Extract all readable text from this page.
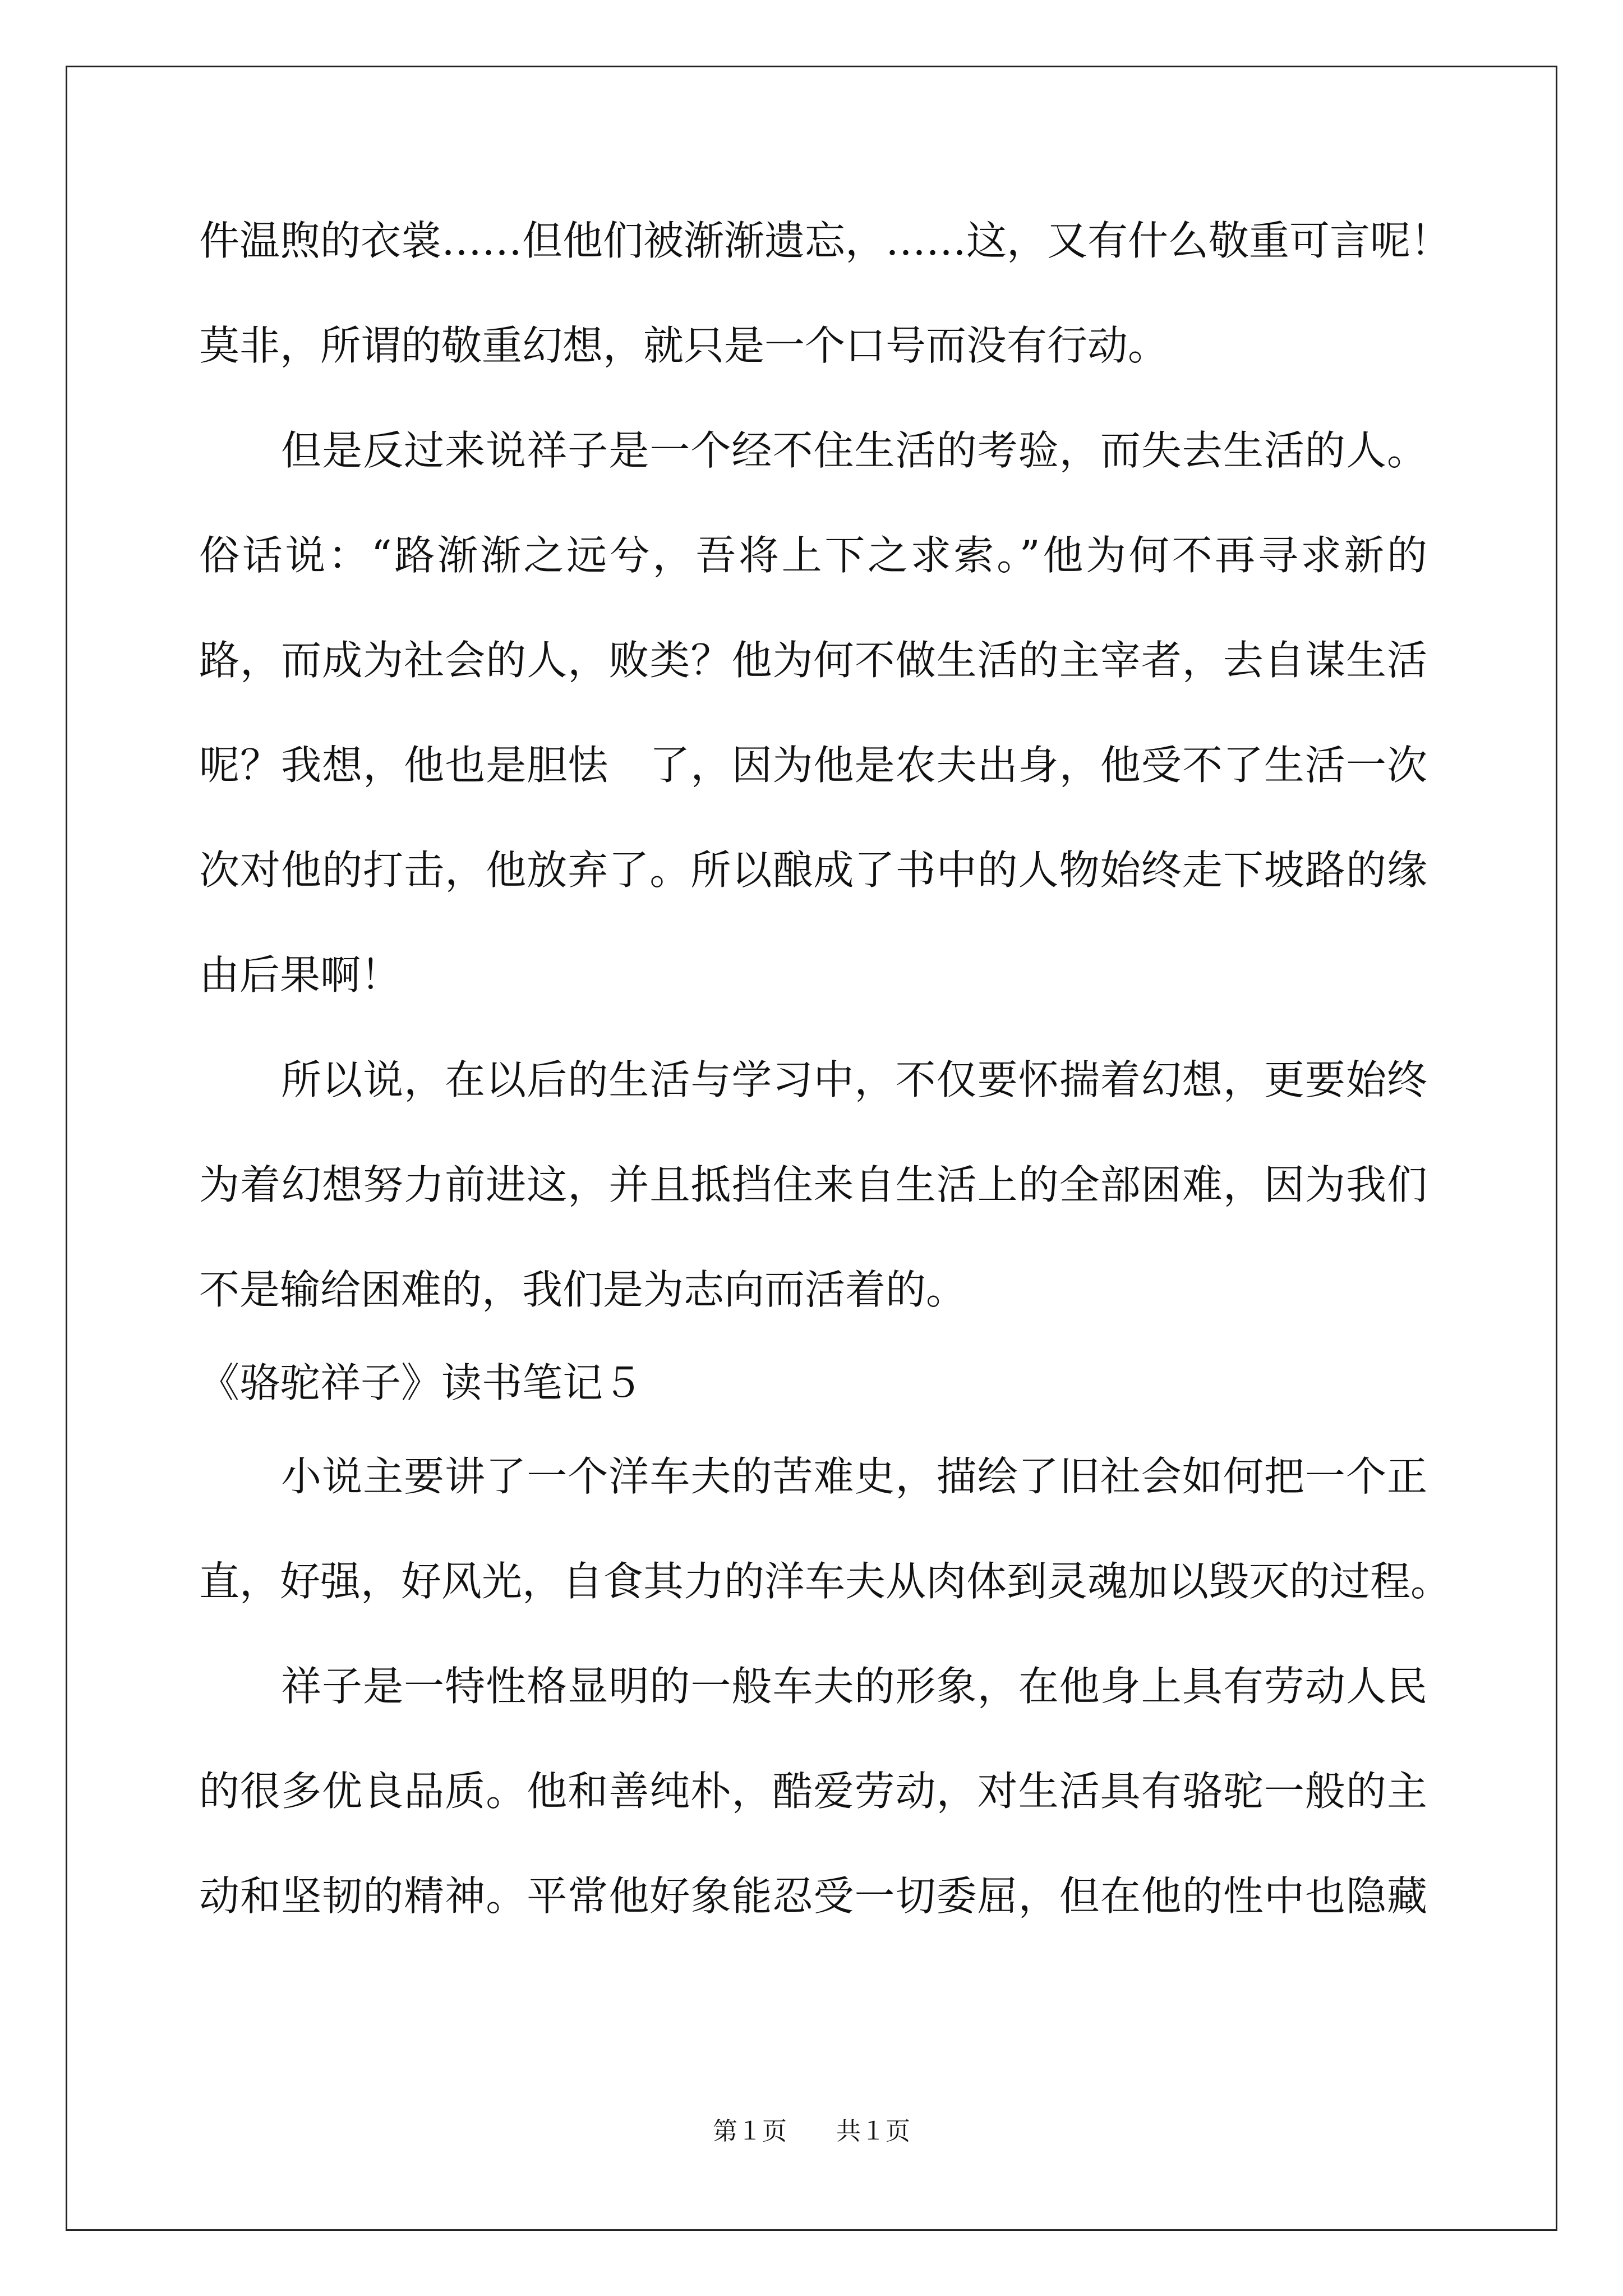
件温煦的衣裳……但他们被渐渐遗忘，……这，又有什么敬重可言呢！
莫非，所谓的敬重幻想，就只是一个口号而没有行动。
但是反过来说祥子是一个经不住生活的考验，而失去生活的人。
俗话说：“路渐渐之远兮，吾将上下之求索。”他为何不再寻求新的
路，而成为社会的人，败类？他为何不做生活的主宰者，去自谋生活
呢？我想，他也是胆怯　了，因为他是农夫出身，他受不了生活一次
次对他的打击，他放弃了。所以酿成了书中的人物始终走下坡路的缘
由后果啊！
所以说，在以后的生活与学习中，不仅要怀揣着幻想，更要始终
为着幻想努力前进这，并且抵挡住来自生活上的全部困难，因为我们
不是输给困难的，我们是为志向而活着的。
《骆驼祥子》读书笔记５
小说主要讲了一个洋车夫的苦难史，描绘了旧社会如何把一个正
直，好强，好风光，自食其力的洋车夫从肉体到灵魂加以毁灭的过程。
祥子是一特性格显明的一般车夫的形象，在他身上具有劳动人民
的很多优良品质。他和善纯朴，酷爱劳动，对生活具有骆驼一般的主
动和坚韧的精神。平常他好象能忍受一切委屈，但在他的性中也隐藏
第１页　　共１页
